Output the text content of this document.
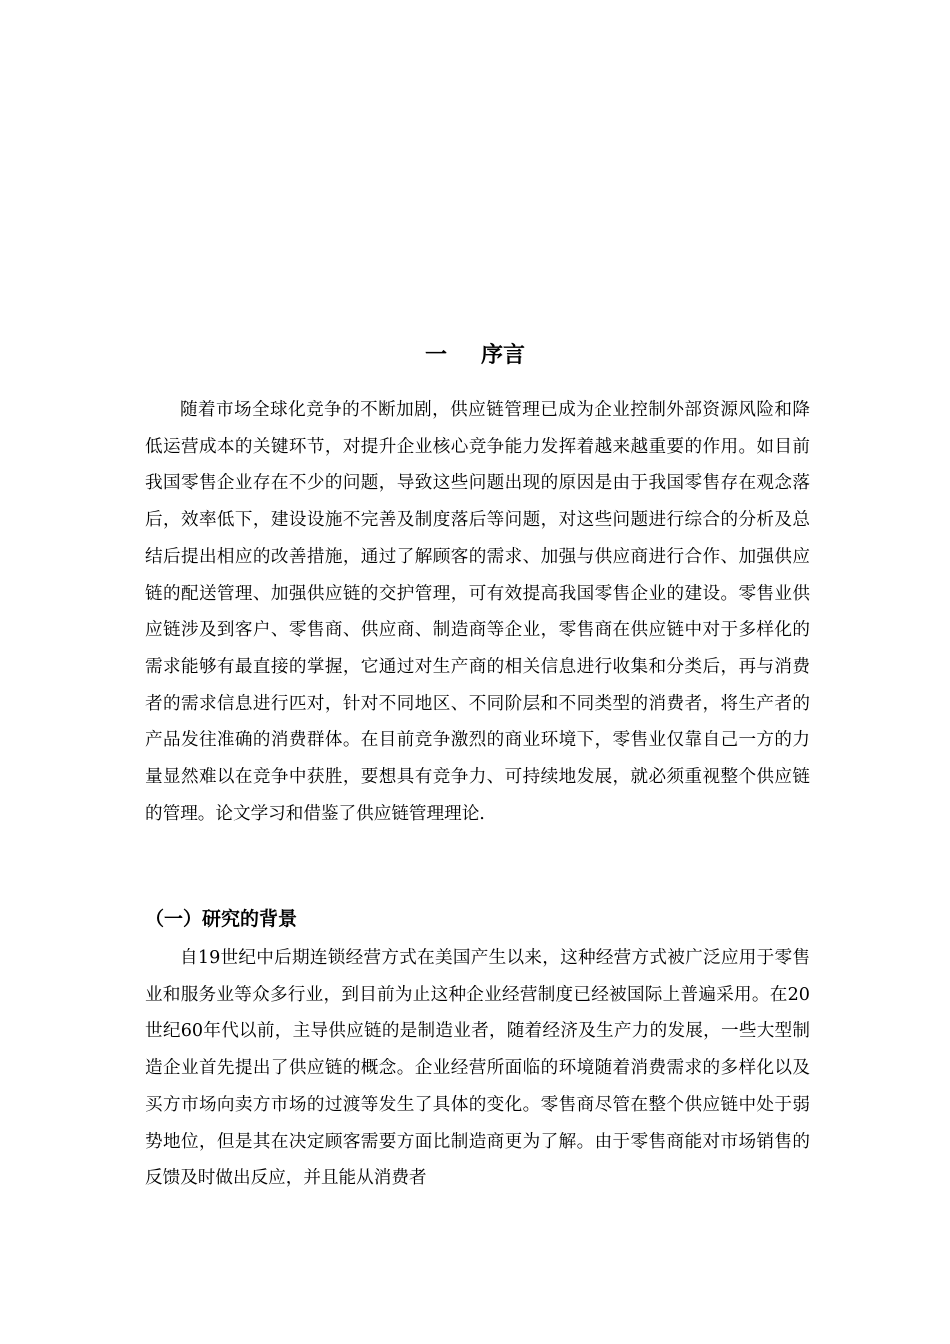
一 序言

随着市场全球化竞争的不断加剧，供应链管理已成为企业控制外部资源风险和降低运营成本的关键环节，对提升企业核心竞争能力发挥着越来越重要的作用。如目前我国零售企业存在不少的问题，导致这些问题出现的原因是由于我国零售存在观念落后，效率低下，建设设施不完善及制度落后等问题，对这些问题进行综合的分析及总结后提出相应的改善措施，通过了解顾客的需求、加强与供应商进行合作、加强供应链的配送管理、加强供应链的交护管理，可有效提高我国零售企业的建设。零售业供应链涉及到客户、零售商、供应商、制造商等企业，零售商在供应链中对于多样化的需求能够有最直接的掌握，它通过对生产商的相关信息进行收集和分类后，再与消费者的需求信息进行匹对，针对不同地区、不同阶层和不同类型的消费者，将生产者的产品发往准确的消费群体。在目前竞争激烈的商业环境下，零售业仅靠自己一方的力量显然难以在竞争中获胜，要想具有竞争力、可持续地发展，就必须重视整个供应链的管理。论文学习和借鉴了供应链管理理论.

（一）研究的背景

自19世纪中后期连锁经营方式在美国产生以来，这种经营方式被广泛应用于零售业和服务业等众多行业，到目前为止这种企业经营制度已经被国际上普遍采用。在20世纪60年代以前，主导供应链的是制造业者，随着经济及生产力的发展，一些大型制造企业首先提出了供应链的概念。企业经营所面临的环境随着消费需求的多样化以及买方市场向卖方市场的过渡等发生了具体的变化。零售商尽管在整个供应链中处于弱势地位，但是其在决定顾客需要方面比制造商更为了解。由于零售商能对市场销售的反馈及时做出反应，并且能从消费者
